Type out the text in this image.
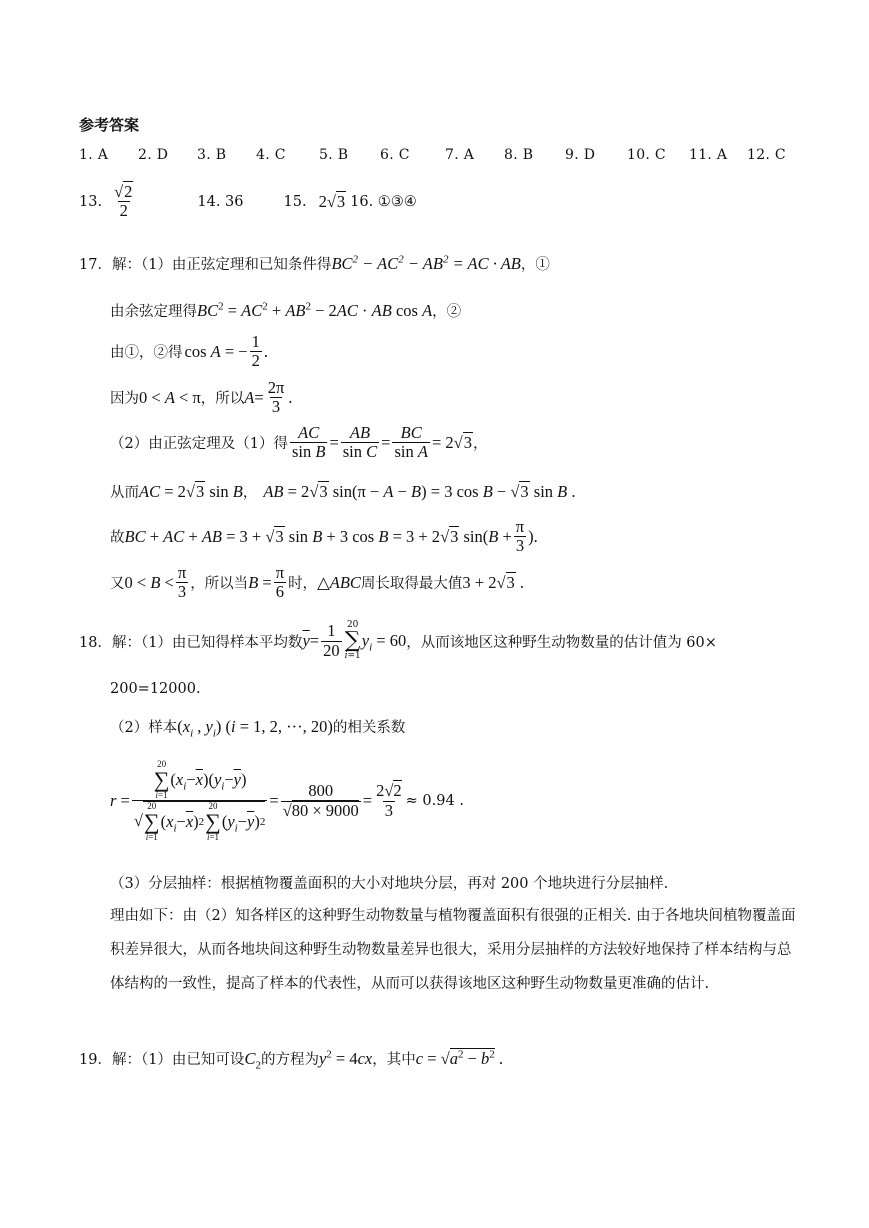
参考答案
1. A 2. D 3. B 4. C 5. B 6. C	7. A 8. B 9. D 10. C 11. A 12. C
13. $\frac{√2}{2}$	14. 36	15. 2√3 16. ①③④
17．解：（1）由正弦定理和已知条件得 $BC^2 - AC^2 - AB^2$ = AC · AB ，①
由余弦定理得 $BC^2 = AC^2 + AB^2 - 2AC$ · AB cos A ，②
由①，②得 cos A = − $\frac{1}{2}$ .
因为 0 < A < π ，所以 $A = \frac{2\pi}{3}$ .
（2）由正弦定理及（1）得 $\frac{AC}{\text{sin B}} = \frac{AB}{\text{sin C}} = \frac{BC}{\text{sin A}} = 2√3$ ，
从而 AC = 2√3 sin B ， AB = 2√3 sin(π − A − B) = 3 cos B − √3 sin B .
故 BC + AC + AB = 3 + √3 sin B + 3 cos B = 3 + 2√3 $\sin(B + \frac{\pi}{3}$ ).
又 $0 < B < \frac{\pi}{3}$ ，所以当 $B = \frac{\pi}{6}$ 时， △ABC 周长取得最大值 3 + 2√3 .
18．解：（1）由已知得样本平均数 $\overline{y} = \frac{1}{20} 20$
∑
i=1
$y_i = 60$ ，从而该地区这种野生动物数量的估计值为 60×
200=12000.
（2）样本 ($x_i$ , $y_i$) (i = 1, 2, ···, 20) 的相关系数
r =
20
∑
i=1
( $x_i - \overline{x}$ )( $y_i - \overline{y}$ )
√
20
∑
i=1
( $x_i - \overline{x}$ ) 2
20
∑
i=1
( $y_i - \overline{y}$ ) 2
= $\frac{800}{√80 \times 9000} = \frac{2√2}{3} \approx 0.94$ .
（3）分层抽样：根据植物覆盖面积的大小对地块分层，再对 200 个地块进行分层抽样.
理由如下：由（2）知各样区的这种野生动物数量与植物覆盖面积有很强的正相关. 由于各地块间植物覆盖面积差异很大，从而各地块间这种野生动物数量差异也很大，采用分层抽样的方法较好地保持了样本结构与总体结构的一致性，提高了样本的代表性，从而可以获得该地区这种野生动物数量更准确的估计.
19．解：（1）由已知可设 $C_2$ 的方程为 $y^2 = 4cx$ ，其中 $c = √a^2 - b^2$ .
